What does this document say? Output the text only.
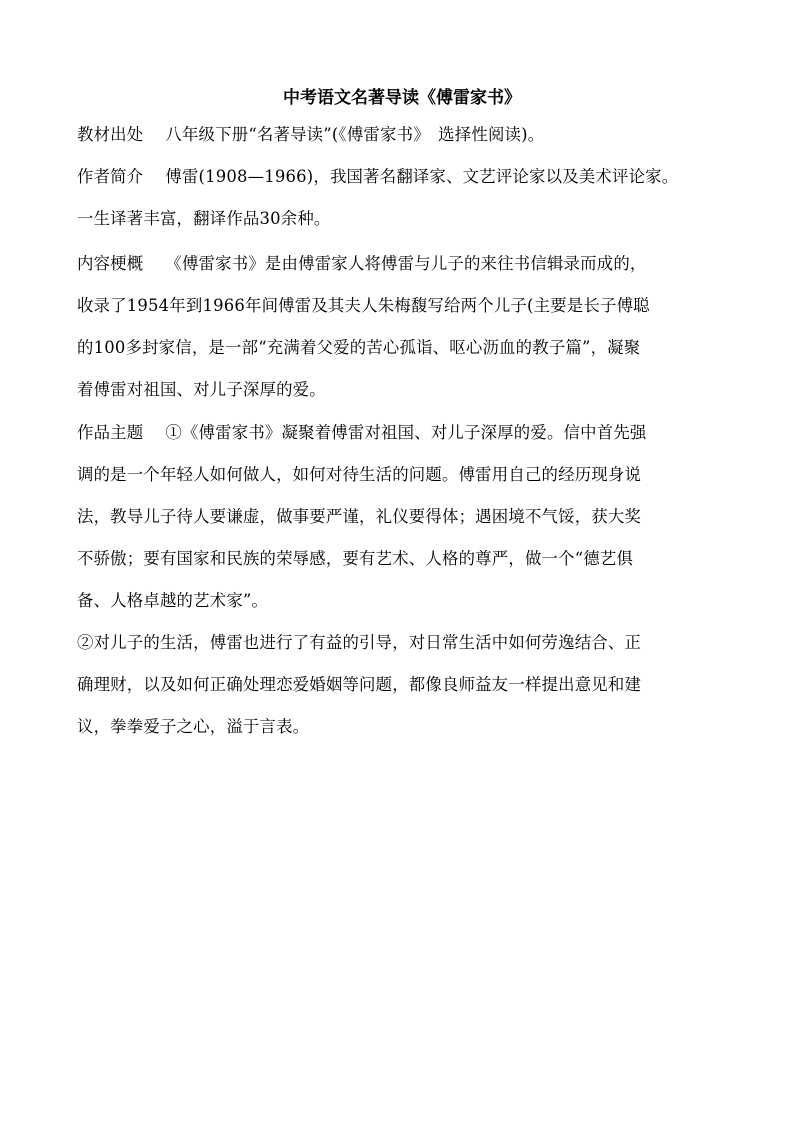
中考语文名著导读《傅雷家书》
教材出处 八年级下册“名著导读”(《傅雷家书》　选择性阅读)。
作者简介 傅雷(1908—1966)，我国著名翻译家、文艺评论家以及美术评论家。
一生译著丰富，翻译作品30余种。
内容梗概 《傅雷家书》是由傅雷家人将傅雷与儿子的来往书信辑录而成的，
收录了1954年到1966年间傅雷及其夫人朱梅馥写给两个儿子(主要是长子傅聪
的100多封家信，是一部“充满着父爱的苦心孤诣、呕心沥血的教子篇”，凝聚
着傅雷对祖国、对儿子深厚的爱。
作品主题 ①《傅雷家书》凝聚着傅雷对祖国、对儿子深厚的爱。信中首先强
调的是一个年轻人如何做人，如何对待生活的问题。傅雷用自己的经历现身说
法，教导儿子待人要谦虚，做事要严谨，礼仪要得体；遇困境不气馁，获大奖
不骄傲；要有国家和民族的荣辱感，要有艺术、人格的尊严，做一个“德艺俱
备、人格卓越的艺术家”。
②对儿子的生活，傅雷也进行了有益的引导，对日常生活中如何劳逸结合、正
确理财，以及如何正确处理恋爱婚姻等问题，都像良师益友一样提出意见和建
议，拳拳爱子之心，溢于言表。
